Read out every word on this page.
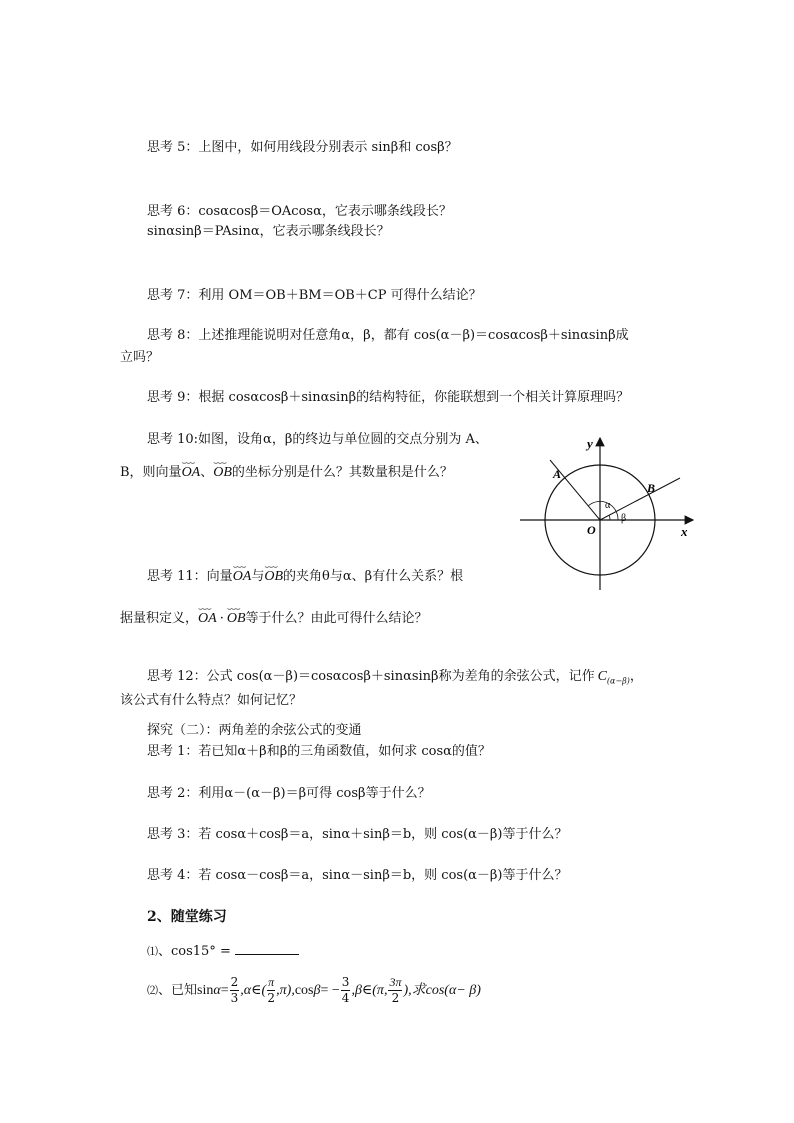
思考 5：上图中，如何用线段分别表示 sinβ和 cosβ？
思考 6：cosαcosβ＝OAcosα，它表示哪条线段长？
sinαsinβ＝PAsinα，它表示哪条线段长？
思考 7：利用 OM＝OB＋BM＝OB＋CP 可得什么结论？
思考 8：上述推理能说明对任意角α，β，都有 cos(α－β)＝cosαcosβ＋sinαsinβ成
立吗？
思考 9：根据 cosαcosβ＋sinαsinβ的结构特征，你能联想到一个相关计算原理吗？
思考 10:如图，设角α，β的终边与单位圆的交点分别为 A、
B，则向量⌣⌣⌣ OA、⌣⌣⌣ OB的坐标分别是什么？其数量积是什么？
y
x
O
A
B
α
β
思考 11：向量⌣⌣⌣ OA与⌣⌣⌣ OB的夹角θ与α、β有什么关系？根
据量积定义，⌣⌣⌣ OA ·⌣⌣⌣ OB等于什么？由此可得什么结论？
思考 12：公式 cos(α－β)＝cosαcosβ＋sinαsinβ称为差角的余弦公式，记作 $C_{(\alpha-\beta)}$，
该公式有什么特点？如何记忆？
探究（二）：两角差的余弦公式的变通
思考 1：若已知α＋β和β的三角函数值，如何求 cosα的值？
思考 2：利用α－(α－β)＝β可得 cosβ等于什么？
思考 3：若 cosα＋cosβ＝a，sinα＋sinβ＝b，则 cos(α－β)等于什么？
思考 4：若 cosα－cosβ＝a，sinα－sinβ＝b，则 cos(α－β)等于什么？
2、随堂练习
⑴、cos15° =
⑵、已知$\sin\alpha= \frac{2}{3}$ ,α∈( $\frac{\pi}{2} ,\pi),\cos\beta= - \frac{3}{4}$ ,β∈(π, $\frac{3\pi}{2}$ ),求cos(α− β)
